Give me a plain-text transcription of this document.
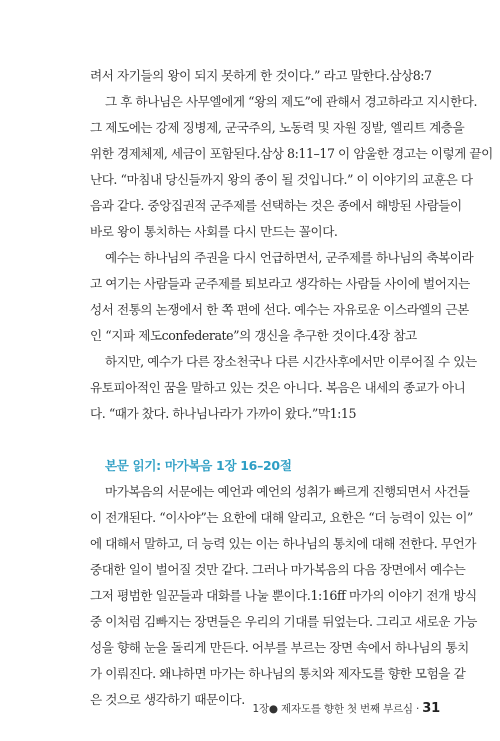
려서 자기들의 왕이 되지 못하게 한 것이다.” 라고 말한다.삼상8:7
그 후 하나님은 사무엘에게 “왕의 제도”에 관해서 경고하라고 지시한다.
그 제도에는 강제 징병제, 군국주의, 노동력 및 자원 징발, 엘리트 계층을
위한 경제체제, 세금이 포함된다.삼상 8:11–17 이 암울한 경고는 이렇게 끝이
난다. “마침내 당신들까지 왕의 종이 될 것입니다.” 이 이야기의 교훈은 다
음과 같다. 중앙집권적 군주제를 선택하는 것은 종에서 해방된 사람들이
바로 왕이 통치하는 사회를 다시 만드는 꼴이다.
예수는 하나님의 주권을 다시 언급하면서, 군주제를 하나님의 축복이라
고 여기는 사람들과 군주제를 퇴보라고 생각하는 사람들 사이에 벌어지는
성서 전통의 논쟁에서 한 쪽 편에 선다. 예수는 자유로운 이스라엘의 근본
인 “지파 제도confederate”의 갱신을 추구한 것이다.4장 참고
하지만, 예수가 다른 장소천국나 다른 시간사후에서만 이루어질 수 있는
유토피아적인 꿈을 말하고 있는 것은 아니다. 복음은 내세의 종교가 아니
다. “때가 찼다. 하나님나라가 가까이 왔다.”막1:15
본문 읽기: 마가복음 1장 16–20절
마가복음의 서문에는 예언과 예언의 성취가 빠르게 진행되면서 사건들
이 전개된다. “이사야”는 요한에 대해 알리고, 요한은 “더 능력이 있는 이”
에 대해서 말하고, 더 능력 있는 이는 하나님의 통치에 대해 전한다. 무언가
중대한 일이 벌어질 것만 같다. 그러나 마가복음의 다음 장면에서 예수는
그저 평범한 일꾼들과 대화를 나눌 뿐이다.1:16ff 마가의 이야기 전개 방식
중 이처럼 김빠지는 장면들은 우리의 기대를 뒤엎는다. 그리고 새로운 가능
성을 향해 눈을 돌리게 만든다. 어부를 부르는 장면 속에서 하나님의 통치
가 이뤄진다. 왜냐하면 마가는 하나님의 통치와 제자도를 향한 모험을 같
은 것으로 생각하기 때문이다.
1장● 제자도를 향한 첫 번째 부르심 · 31
